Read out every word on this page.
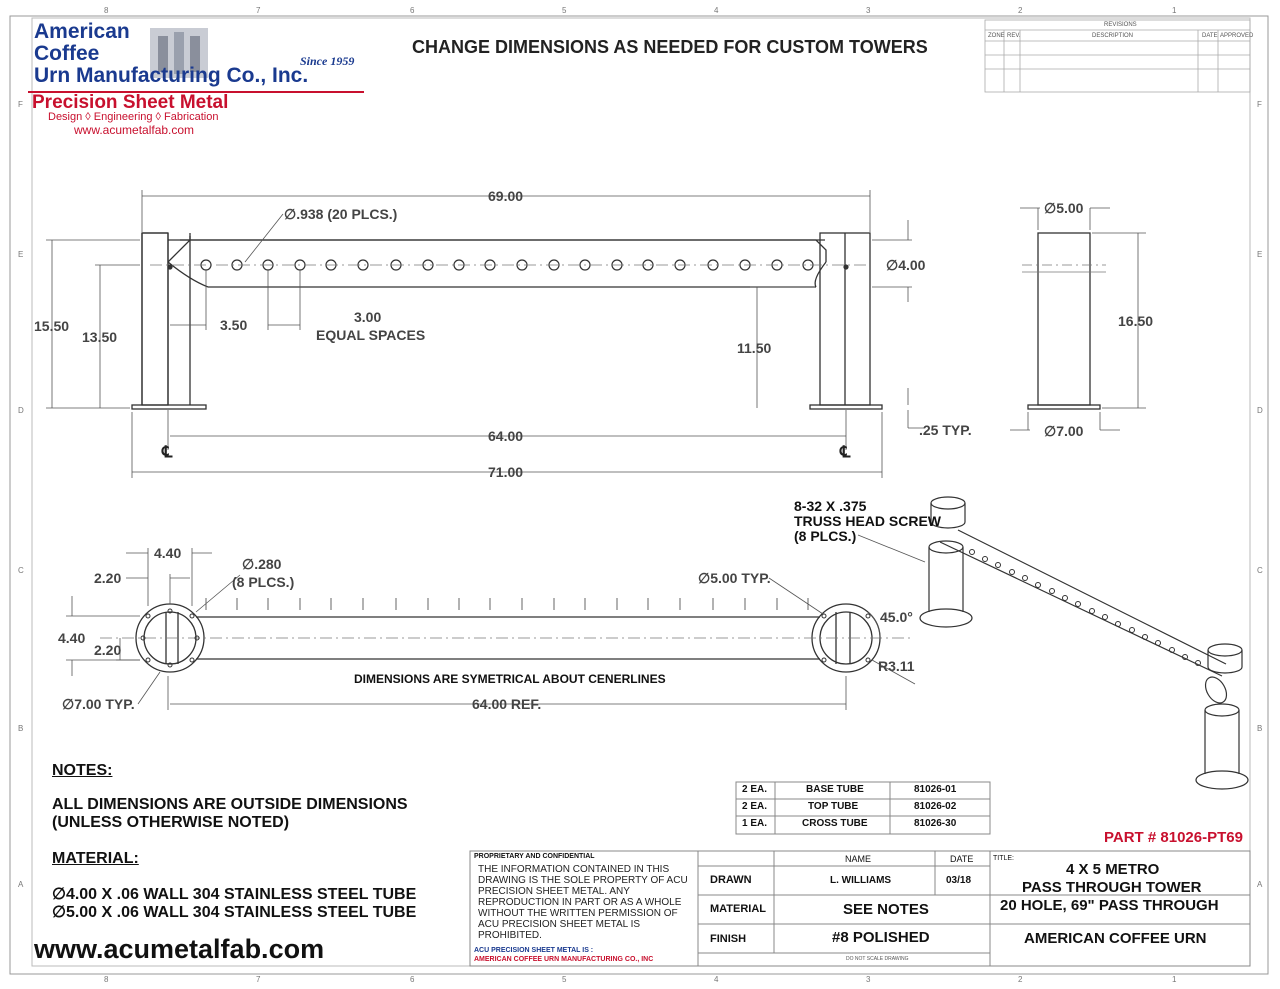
8	7	6	5	4	3	2	1
8	7	6	5	4	3	2	1
F
E
D
C
B
A
F
E
D
C
B
A
American
Coffee
Urn Manufacturing Co., Inc.
Since 1959
Precision Sheet Metal
Design ◊ Engineering ◊ Fabrication
www.acumetalfab.com
CHANGE DIMENSIONS AS NEEDED FOR CUSTOM TOWERS
REVISIONS
ZONE REV.	DESCRIPTION	DATE APPROVED
69.00
∅.938 (20 PLCS.)
15.50
13.50
3.50	3.00
EQUAL SPACES
∅4.00
11.50
.25 TYP.
64.00
71.00
℄	℄
∅5.00
16.50
∅7.00
4.40
2.20
∅.280
(8 PLCS.)
4.40
2.20
∅5.00 TYP.
45.0°
R3.11
∅7.00 TYP.	64.00 REF.
DIMENSIONS ARE SYMETRICAL ABOUT CENERLINES
8-32 X .375
TRUSS HEAD SCREW
(8 PLCS.)
NOTES:
ALL DIMENSIONS ARE OUTSIDE DIMENSIONS
(UNLESS OTHERWISE NOTED)
MATERIAL:
∅4.00 X .06 WALL 304 STAINLESS STEEL TUBE
∅5.00 X .06 WALL 304 STAINLESS STEEL TUBE
www.acumetalfab.com
2 EA.	BASE TUBE	81026-01
2 EA.	TOP TUBE	81026-02
1 EA.	CROSS TUBE	81026-30
PART # 81026-PT69
PROPRIETARY AND CONFIDENTIAL
THE INFORMATION CONTAINED IN THIS DRAWING IS THE SOLE PROPERTY OF ACU PRECISION SHEET METAL. ANY REPRODUCTION IN PART OR AS A WHOLE WITHOUT THE WRITTEN PERMISSION OF ACU PRECISION SHEET METAL IS PROHIBITED.
ACU PRECISION SHEET METAL IS :
AMERICAN COFFEE URN MANUFACTURING CO., INC
NAME	DATE	TITLE:
DRAWN	L. WILLIAMS	03/18
MATERIAL	SEE NOTES
FINISH	#8 POLISHED
DO NOT SCALE DRAWING
4 X 5 METRO
PASS THROUGH TOWER
20 HOLE, 69" PASS THROUGH
AMERICAN COFFEE URN
